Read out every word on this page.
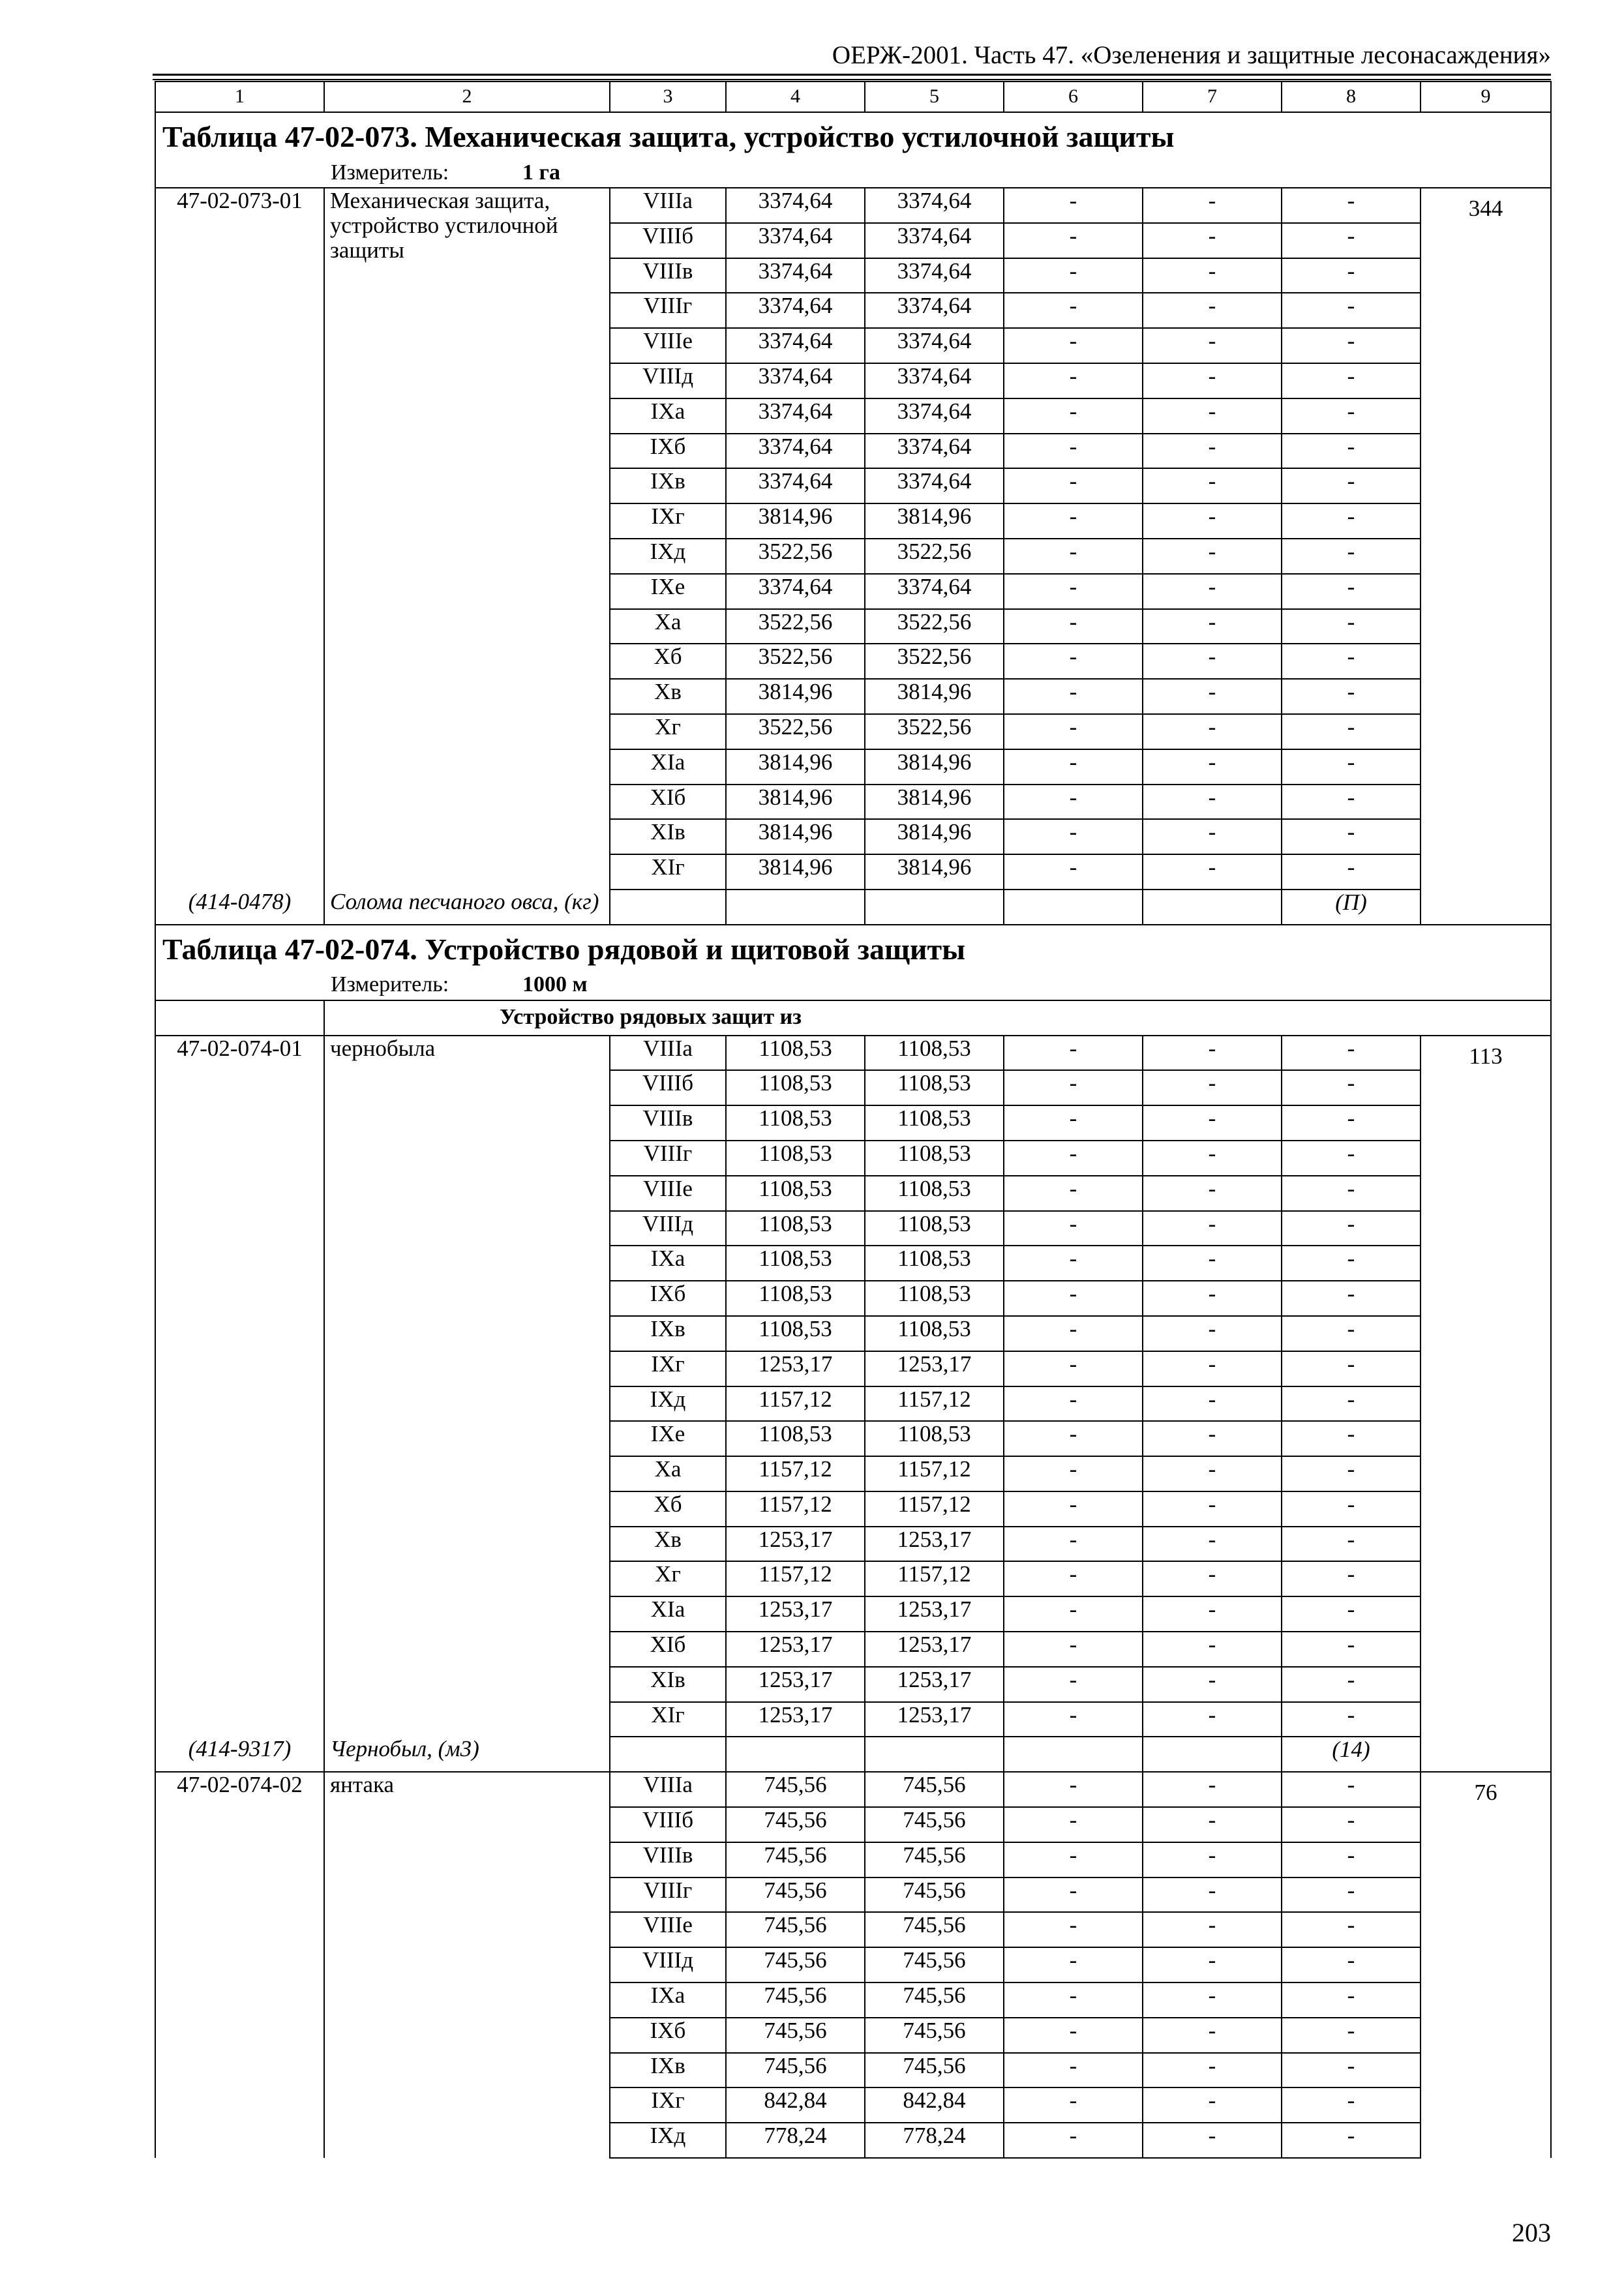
ОЕРЖ-2001. Часть 47. «Озеленения и защитные лесонасаждения»
1	2	3	4	5	6	7	8	9
Таблица 47-02-073. Механическая защита, устройство устилочной защиты								
Измеритель: 1 га								
47-02-073-01	Механическая защита, устройство устилочной защиты	VIIIа	3374,64	3374,64	-	-	-	344
		VIIIб	3374,64	3374,64	-	-	-	
		VIIIв	3374,64	3374,64	-	-	-	
		VIIIг	3374,64	3374,64	-	-	-	
		VIIIе	3374,64	3374,64	-	-	-	
		VIIIд	3374,64	3374,64	-	-	-	
		IXа	3374,64	3374,64	-	-	-	
		IXб	3374,64	3374,64	-	-	-	
		IXв	3374,64	3374,64	-	-	-	
		IXг	3814,96	3814,96	-	-	-	
		IXд	3522,56	3522,56	-	-	-	
		IXе	3374,64	3374,64	-	-	-	
		Xа	3522,56	3522,56	-	-	-	
		Xб	3522,56	3522,56	-	-	-	
		Xв	3814,96	3814,96	-	-	-	
		Xг	3522,56	3522,56	-	-	-	
		XIа	3814,96	3814,96	-	-	-	
		XIб	3814,96	3814,96	-	-	-	
		XIв	3814,96	3814,96	-	-	-	
		XIг	3814,96	3814,96	-	-	-	
(414-0478)	Солома песчаного овса, (кг)						(П)	
Таблица 47-02-074. Устройство рядовой и щитовой защиты								
Измеритель: 1000 м								
	Устройство рядовых защит из							
47-02-074-01	чернобыла	VIIIа	1108,53	1108,53	-	-	-	113
		VIIIб	1108,53	1108,53	-	-	-	
		VIIIв	1108,53	1108,53	-	-	-	
		VIIIг	1108,53	1108,53	-	-	-	
		VIIIе	1108,53	1108,53	-	-	-	
		VIIIд	1108,53	1108,53	-	-	-	
		IXа	1108,53	1108,53	-	-	-	
		IXб	1108,53	1108,53	-	-	-	
		IXв	1108,53	1108,53	-	-	-	
		IXг	1253,17	1253,17	-	-	-	
		IXд	1157,12	1157,12	-	-	-	
		IXе	1108,53	1108,53	-	-	-	
		Xа	1157,12	1157,12	-	-	-	
		Xб	1157,12	1157,12	-	-	-	
		Xв	1253,17	1253,17	-	-	-	
		Xг	1157,12	1157,12	-	-	-	
		XIа	1253,17	1253,17	-	-	-	
		XIб	1253,17	1253,17	-	-	-	
		XIв	1253,17	1253,17	-	-	-	
		XIг	1253,17	1253,17	-	-	-	
(414-9317)	Чернобыл, (м3)						(14)	
47-02-074-02	янтака	VIIIа	745,56	745,56	-	-	-	76
		VIIIб	745,56	745,56	-	-	-	
		VIIIв	745,56	745,56	-	-	-	
		VIIIг	745,56	745,56	-	-	-	
		VIIIе	745,56	745,56	-	-	-	
		VIIIд	745,56	745,56	-	-	-	
		IXа	745,56	745,56	-	-	-	
		IXб	745,56	745,56	-	-	-	
		IXв	745,56	745,56	-	-	-	
		IXг	842,84	842,84	-	-	-	
		IXд	778,24	778,24	-	-	-	
203
